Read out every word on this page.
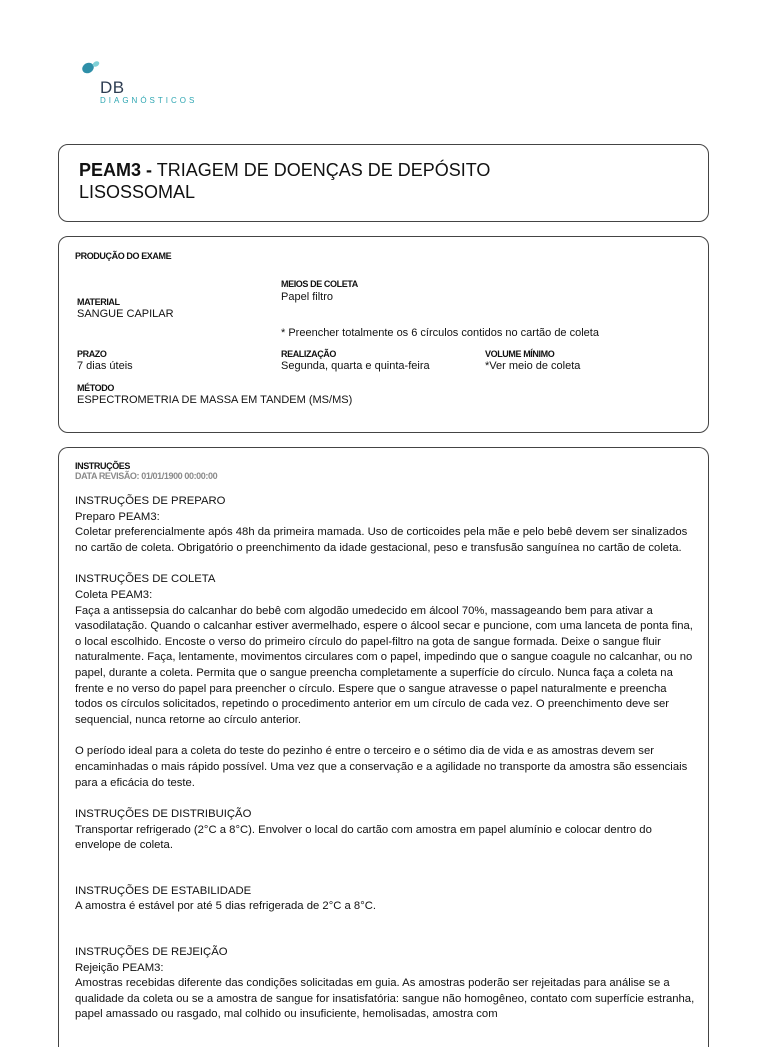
DB
DIAGNÓSTICOS
PEAM3 - TRIAGEM DE DOENÇAS DE DEPÓSITO
LISOSSOMAL
PRODUÇÃO DO EXAME
MEIOS DE COLETA
Papel filtro
MATERIAL
SANGUE CAPILAR
* Preencher totalmente os 6 círculos contidos no cartão de coleta
PRAZO
7 dias úteis
REALIZAÇÃO
Segunda, quarta e quinta-feira
VOLUME MÍNIMO
*Ver meio de coleta
MÉTODO
ESPECTROMETRIA DE MASSA EM TANDEM (MS/MS)
INSTRUÇÕES
DATA REVISÃO: 01/01/1900 00:00:00

INSTRUÇÕES DE PREPARO

Preparo PEAM3:

Coletar preferencialmente após 48h da primeira mamada. Uso de corticoides pela mãe e pelo bebê devem ser sinalizados no cartão de coleta. Obrigatório o preenchimento da idade gestacional, peso e transfusão sanguínea no cartão de coleta.

INSTRUÇÕES DE COLETA

Coleta PEAM3:

Faça a antissepsia do calcanhar do bebê com algodão umedecido em álcool 70%, massageando bem para ativar a vasodilatação. Quando o calcanhar estiver avermelhado, espere o álcool secar e puncione, com uma lanceta de ponta fina, o local escolhido. Encoste o verso do primeiro círculo do papel-filtro na gota de sangue formada. Deixe o sangue fluir naturalmente. Faça, lentamente, movimentos circulares com o papel, impedindo que o sangue coagule no calcanhar, ou no papel, durante a coleta. Permita que o sangue preencha completamente a superfície do círculo. Nunca faça a coleta na frente e no verso do papel para preencher o círculo. Espere que o sangue atravesse o papel naturalmente e preencha todos os círculos solicitados, repetindo o procedimento anterior em um círculo de cada vez. O preenchimento deve ser sequencial, nunca retorne ao círculo anterior.

O período ideal para a coleta do teste do pezinho é entre o terceiro e o sétimo dia de vida e as amostras devem ser encaminhadas o mais rápido possível. Uma vez que a conservação e a agilidade no transporte da amostra são essenciais para a eficácia do teste.

INSTRUÇÕES DE DISTRIBUIÇÃO

Transportar refrigerado (2°C a 8°C). Envolver o local do cartão com amostra em papel alumínio e colocar dentro do envelope de coleta.

INSTRUÇÕES DE ESTABILIDADE

A amostra é estável por até 5 dias refrigerada de 2°C a 8°C.

INSTRUÇÕES DE REJEIÇÃO

Rejeição PEAM3:

Amostras recebidas diferente das condições solicitadas em guia. As amostras poderão ser rejeitadas para análise se a qualidade da coleta ou se a amostra de sangue for insatisfatória: sangue não homogêneo, contato com superfície estranha, papel amassado ou rasgado, mal colhido ou insuficiente, hemolisadas, amostra com
